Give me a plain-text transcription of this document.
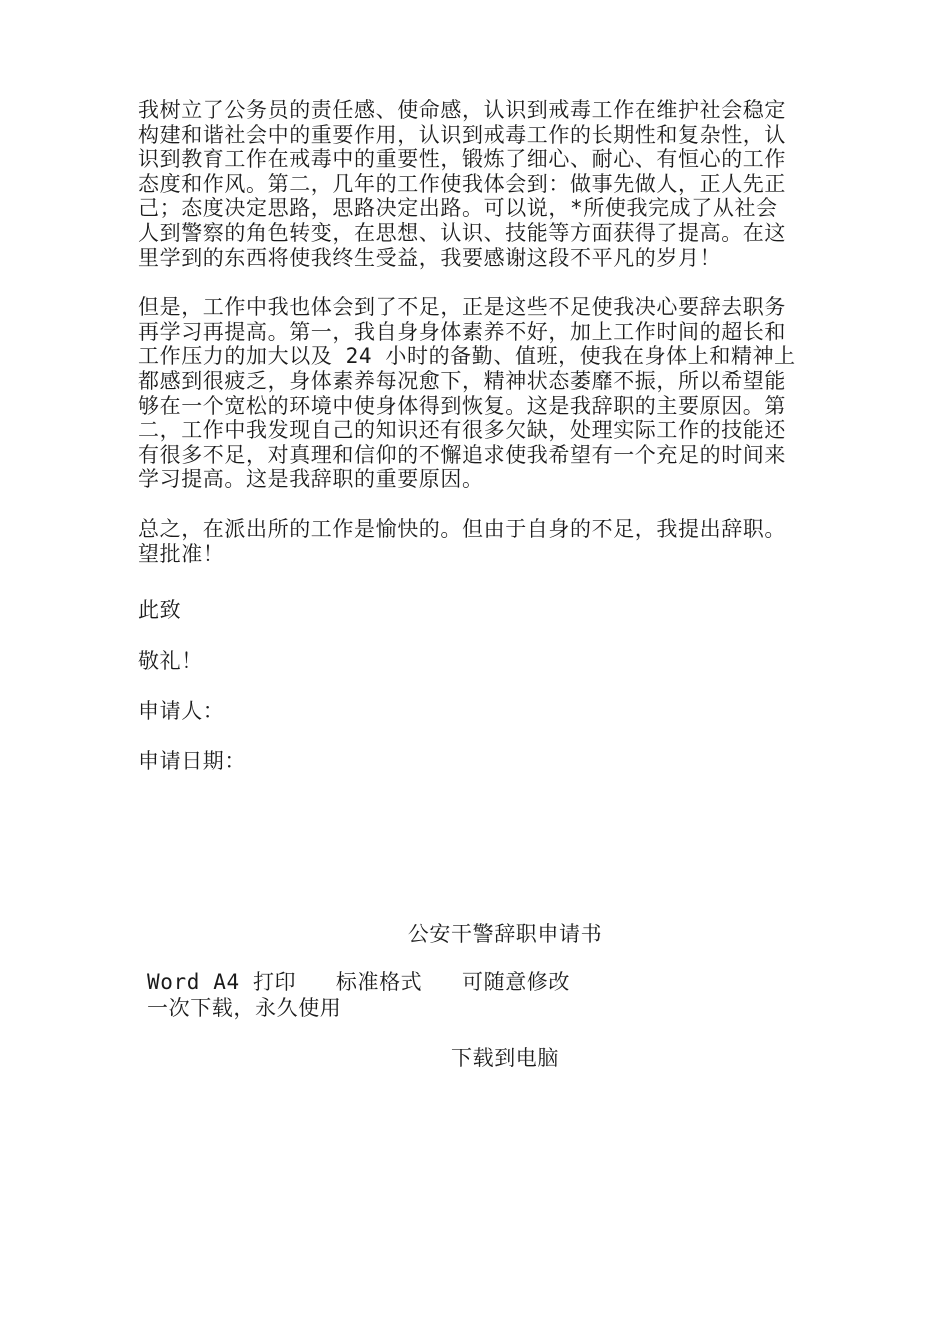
我树立了公务员的责任感、使命感，认识到戒毒工作在维护社会稳定
构建和谐社会中的重要作用，认识到戒毒工作的长期性和复杂性，认
识到教育工作在戒毒中的重要性，锻炼了细心、耐心、有恒心的工作
态度和作风。第二，几年的工作使我体会到：做事先做人，正人先正
己；态度决定思路，思路决定出路。可以说，*所使我完成了从社会
人到警察的角色转变，在思想、认识、技能等方面获得了提高。在这
里学到的东西将使我终生受益，我要感谢这段不平凡的岁月！

但是，工作中我也体会到了不足，正是这些不足使我决心要辞去职务
再学习再提高。第一，我自身身体素养不好，加上工作时间的超长和
工作压力的加大以及 24 小时的备勤、值班，使我在身体上和精神上
都感到很疲乏，身体素养每况愈下，精神状态萎靡不振，所以希望能
够在一个宽松的环境中使身体得到恢复。这是我辞职的主要原因。第
二，工作中我发现自己的知识还有很多欠缺，处理实际工作的技能还
有很多不足，对真理和信仰的不懈追求使我希望有一个充足的时间来
学习提高。这是我辞职的重要原因。

总之，在派出所的工作是愉快的。但由于自身的不足，我提出辞职。
望批准！

此致
敬礼！
申请人：
申请日期：
公安干警辞职申请书
Word A4 打印   标准格式   可随意修改
一次下载，永久使用
下载到电脑
